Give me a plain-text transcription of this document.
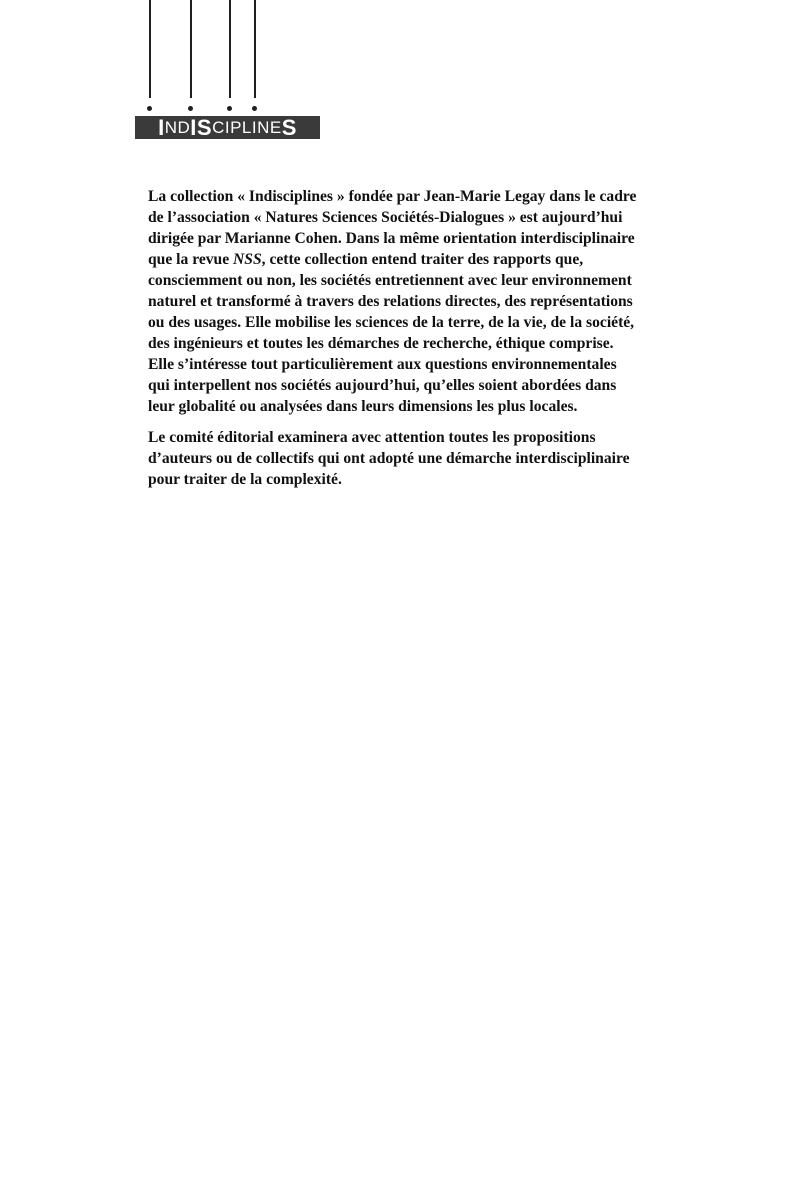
I ND I S CIPLINE S

La collection « Indisciplines » fondée par Jean-Marie Legay dans le cadre
de l’association « Natures Sciences Sociétés-Dialogues » est aujourd’hui
dirigée par Marianne Cohen. Dans la même orientation interdisciplinaire
que la revue NSS, cette collection entend traiter des rapports que,
consciemment ou non, les sociétés entretiennent avec leur environnement
naturel et transformé à travers des relations directes, des représentations
ou des usages. Elle mobilise les sciences de la terre, de la vie, de la société,
des ingénieurs et toutes les démarches de recherche, éthique comprise.
Elle s’intéresse tout particulièrement aux questions environnementales
qui interpellent nos sociétés aujourd’hui, qu’elles soient abordées dans
leur globalité ou analysées dans leurs dimensions les plus locales.

Le comité éditorial examinera avec attention toutes les propositions
d’auteurs ou de collectifs qui ont adopté une démarche interdisciplinaire
pour traiter de la complexité.
